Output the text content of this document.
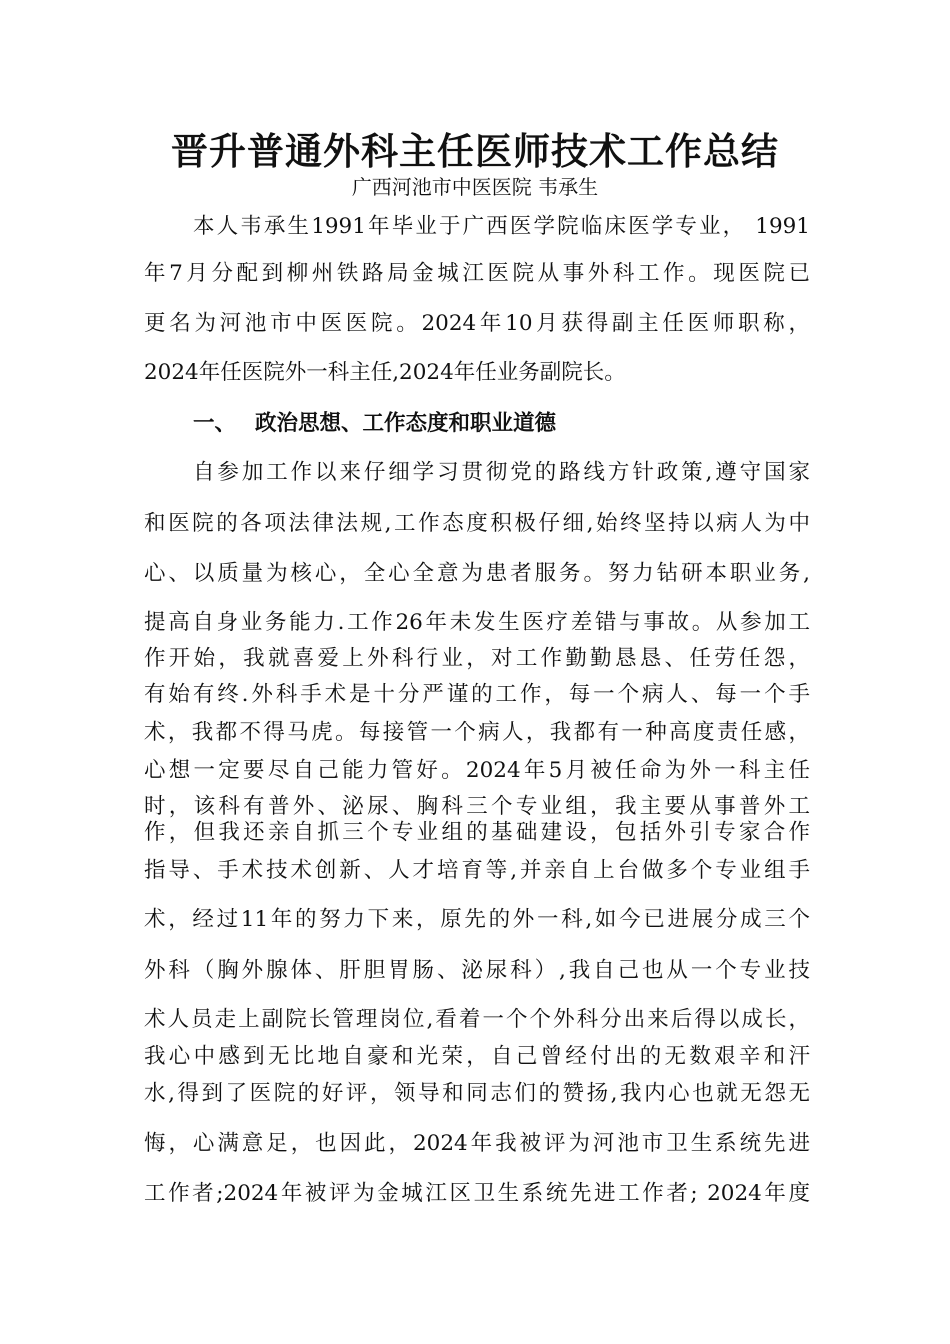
晋升普通外科主任医师技术工作总结
广西河池市中医医院 韦承生
本人韦承生1991年毕业于广西医学院临床医学专业， 1991
年7月分配到柳州铁路局金城江医院从事外科工作。现医院已
更名为河池市中医医院。2024年10月获得副主任医师职称，
2024年任医院外一科主任,2024年任业务副院长。
一、 政治思想、工作态度和职业道德
自参加工作以来仔细学习贯彻党的路线方针政策,遵守国家
和医院的各项法律法规,工作态度积极仔细,始终坚持以病人为中
心、以质量为核心，全心全意为患者服务。努力钻研本职业务,
提高自身业务能力.工作26年未发生医疗差错与事故。从参加工
作开始，我就喜爱上外科行业，对工作勤勤恳恳、任劳任怨，
有始有终.外科手术是十分严谨的工作，每一个病人、每一个手
术，我都不得马虎。每接管一个病人，我都有一种高度责任感，
心想一定要尽自己能力管好。2024年5月被任命为外一科主任
时，该科有普外、泌尿、胸科三个专业组，我主要从事普外工
作，但我还亲自抓三个专业组的基础建设，包括外引专家合作
指导、手术技术创新、人才培育等,并亲自上台做多个专业组手
术，经过11年的努力下来，原先的外一科,如今已进展分成三个
外科（胸外腺体、肝胆胃肠、泌尿科）,我自己也从一个专业技
术人员走上副院长管理岗位,看着一个个外科分出来后得以成长，
我心中感到无比地自豪和光荣，自己曾经付出的无数艰辛和汗
水,得到了医院的好评，领导和同志们的赞扬,我内心也就无怨无
悔，心满意足，也因此，2024年我被评为河池市卫生系统先进
工作者;2024年被评为金城江区卫生系统先进工作者; 2024年度
